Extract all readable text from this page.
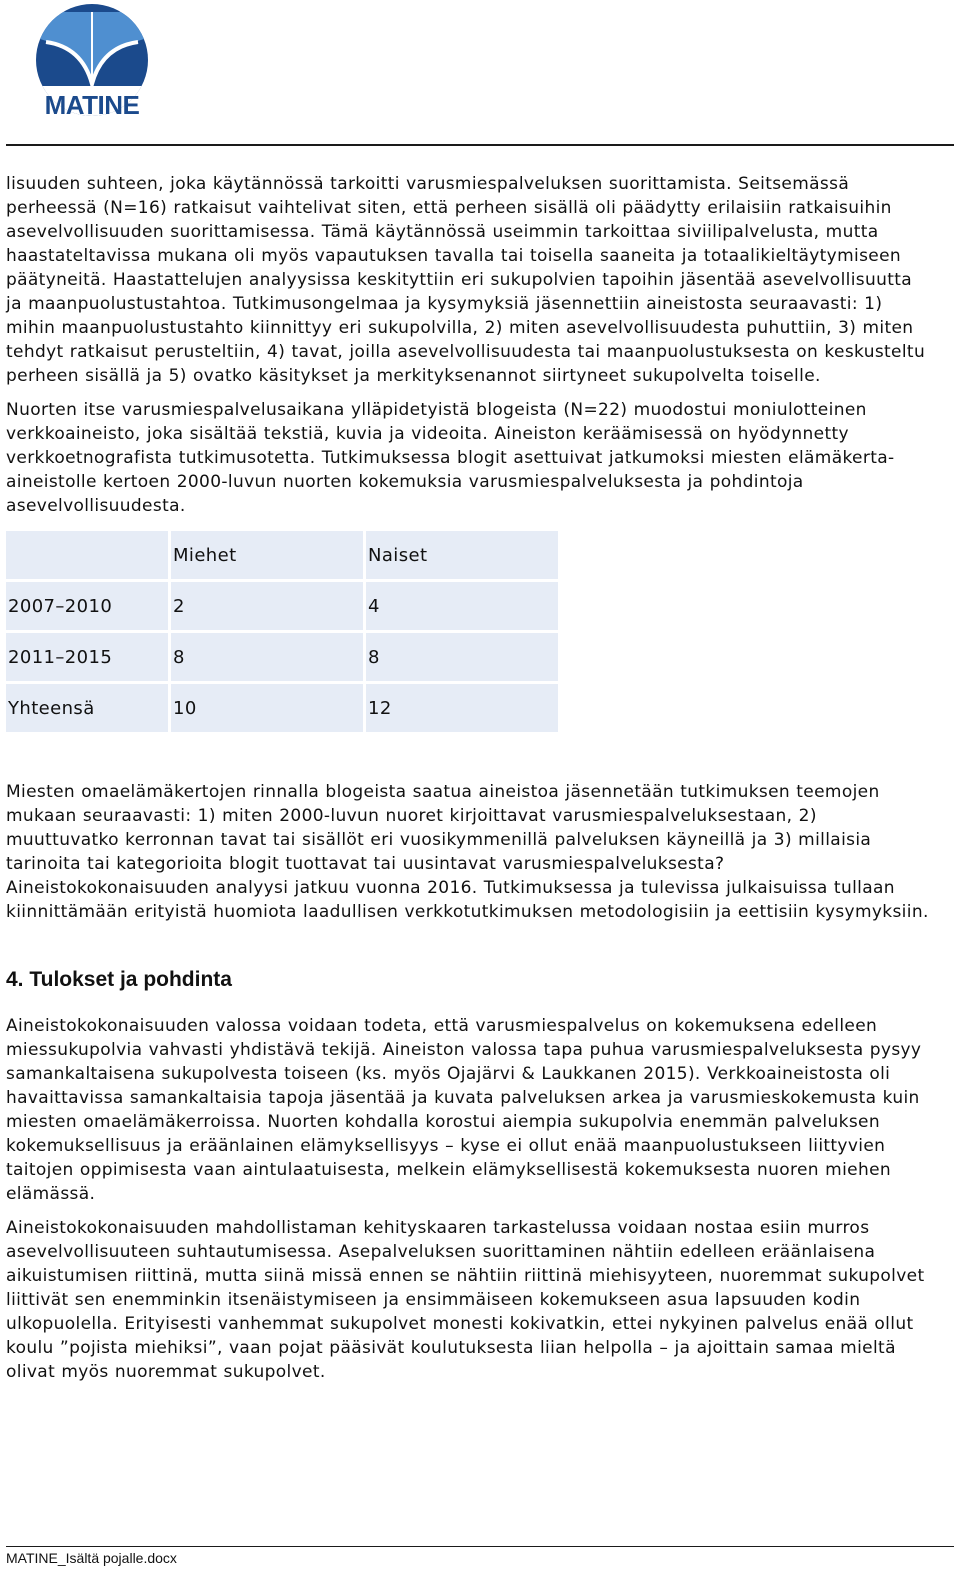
MATINE

lisuuden suhteen, joka käytännössä tarkoitti varusmiespalveluksen suorittamista. Seitsemässä perheessä (N=16) ratkaisut vaihtelivat siten, että perheen sisällä oli päädytty erilaisiin ratkaisuihin asevelvollisuuden suorittamisessa. Tämä käytännössä useimmin tarkoittaa siviilipalvelusta, mutta haastateltavissa mukana oli myös vapautuksen tavalla tai toisella saaneita ja totaalikieltäytymiseen päätyneitä. Haastattelujen analyysissa keskityttiin eri sukupolvien tapoihin jäsentää asevelvollisuutta ja maanpuolustustahtoa. Tutkimusongelmaa ja kysymyksiä jäsennettiin aineistosta seuraavasti: 1) mihin maanpuolustustahto kiinnittyy eri sukupolvilla, 2) miten asevelvollisuudesta puhuttiin, 3) miten tehdyt ratkaisut perusteltiin, 4) tavat, joilla asevelvollisuudesta tai maanpuolustuksesta on keskusteltu perheen sisällä ja 5) ovatko käsitykset ja merkityksenannot siirtyneet sukupolvelta toiselle.

Nuorten itse varusmiespalvelusaikana ylläpidetyistä blogeista (N=22) muodostui moniulotteinen verkkoaineisto, joka sisältää tekstiä, kuvia ja videoita. Aineiston keräämisessä on hyödynnetty verkkoetnografista tutkimusotetta. Tutkimuksessa blogit asettuivat jatkumoksi miesten elämäkerta-aineistolle kertoen 2000-luvun nuorten kokemuksia varusmiespalveluksesta ja pohdintoja asevelvollisuudesta.

	Miehet	Naiset
2007–2010	2	4
2011–2015	8	8
Yhteensä	10	12

Miesten omaelämäkertojen rinnalla blogeista saatua aineistoa jäsennetään tutkimuksen teemojen mukaan seuraavasti: 1) miten 2000-luvun nuoret kirjoittavat varusmiespalveluksestaan, 2) muuttuvatko kerronnan tavat tai sisällöt eri vuosikymmenillä palveluksen käyneillä ja 3) millaisia tarinoita tai kategorioita blogit tuottavat tai uusintavat varusmiespalveluksesta? Aineistokokonaisuuden analyysi jatkuu vuonna 2016. Tutkimuksessa ja tulevissa julkaisuissa tullaan kiinnittämään erityistä huomiota laadullisen verkkotutkimuksen metodologisiin ja eettisiin kysymyksiin.

4. Tulokset ja pohdinta

Aineistokokonaisuuden valossa voidaan todeta, että varusmiespalvelus on kokemuksena edelleen miessukupolvia vahvasti yhdistävä tekijä. Aineiston valossa tapa puhua varusmiespalveluksesta pysyy samankaltaisena sukupolvesta toiseen (ks. myös Ojajärvi & Laukkanen 2015). Verkkoaineistosta oli havaittavissa samankaltaisia tapoja jäsentää ja kuvata palveluksen arkea ja varusmieskokemusta kuin miesten omaelämäkerroissa. Nuorten kohdalla korostui aiempia sukupolvia enemmän palveluksen kokemuksellisuus ja eräänlainen elämyksellisyys – kyse ei ollut enää maanpuolustukseen liittyvien taitojen oppimisesta vaan aintulaatuisesta, melkein elämyksellisestä kokemuksesta nuoren miehen elämässä.

Aineistokokonaisuuden mahdollistaman kehityskaaren tarkastelussa voidaan nostaa esiin murros asevelvollisuuteen suhtautumisessa. Asepalveluksen suorittaminen nähtiin edelleen eräänlaisena aikuistumisen riittinä, mutta siinä missä ennen se nähtiin riittinä miehisyyteen, nuoremmat sukupolvet liittivät sen enemminkin itsenäistymiseen ja ensimmäiseen kokemukseen asua lapsuuden kodin ulkopuolella. Erityisesti vanhemmat sukupolvet monesti kokivatkin, ettei nykyinen palvelus enää ollut koulu ”pojista miehiksi”, vaan pojat pääsivät koulutuksesta liian helpolla – ja ajoittain samaa mieltä olivat myös nuoremmat sukupolvet.

MATINE_Isältä pojalle.docx
